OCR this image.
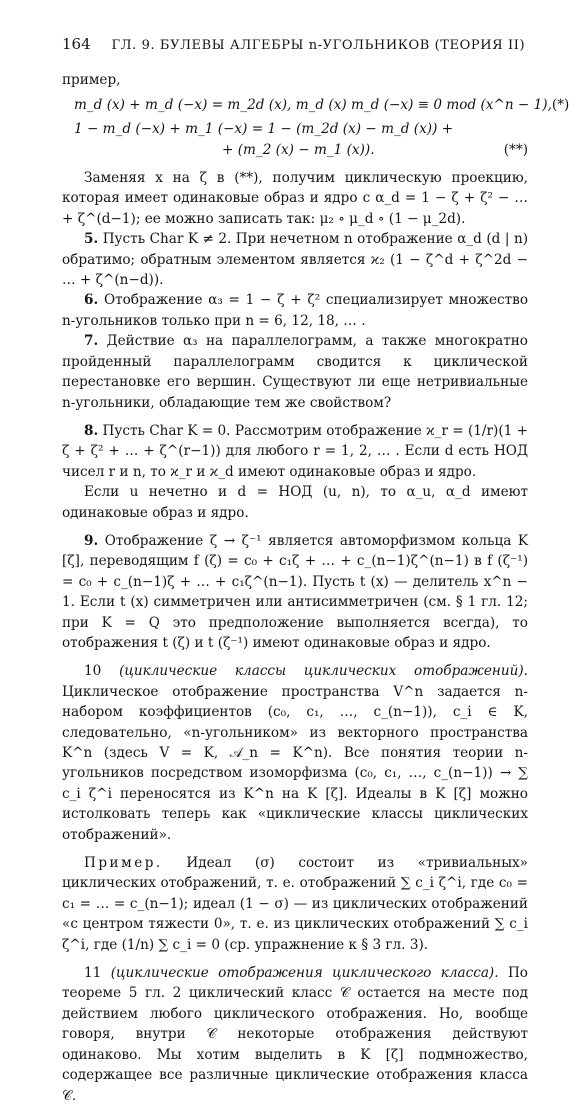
164 ГЛ. 9. БУЛЕВЫ АЛГЕБРЫ n-УГОЛЬНИКОВ (ТЕОРИЯ II)

пример,

m_d (x) + m_d (−x) = m_2d (x), m_d (x) m_d (−x) ≡ 0 mod (x^n − 1), (*)
1 − m_d (−x) + m_1 (−x) = 1 − (m_2d (x) − m_d (x)) +
+ (m_2 (x) − m_1 (x)).	(**)

Заменяя x на ζ в (**), получим циклическую проекцию, которая имеет одинаковые образ и ядро с α_d = 1 − ζ + ζ² − … + ζ^(d−1); ее можно записать так: μ₂ ∘ μ_d ∘ (1 − μ_2d).

5. Пусть Char K ≠ 2. При нечетном n отображение α_d (d | n) обратимо; обратным элементом является ϰ₂ (1 − ζ^d + ζ^2d − … + ζ^(n−d)).

6. Отображение α₃ = 1 − ζ + ζ² специализирует множество n-угольников только при n = 6, 12, 18, … .

7. Действие α₃ на параллелограмм, а также многократно пройденный параллелограмм сводится к циклической перестановке его вершин. Существуют ли еще нетривиальные n-угольники, обладающие тем же свойством?

8. Пусть Char K = 0. Рассмотрим отображение ϰ_r = (1/r)(1 + ζ + ζ² + … + ζ^(r−1)) для любого r = 1, 2, … . Если d есть НОД чисел r и n, то ϰ_r и ϰ_d имеют одинаковые образ и ядро.

Если u нечетно и d = НОД (u, n), то α_u, α_d имеют одинаковые образ и ядро.

9. Отображение ζ → ζ⁻¹ является автоморфизмом кольца K [ζ], переводящим f (ζ) = c₀ + c₁ζ + … + c_(n−1)ζ^(n−1) в f (ζ⁻¹) = c₀ + c_(n−1)ζ + … + c₁ζ^(n−1). Пусть t (x) — делитель x^n − 1. Если t (x) симметричен или антисимметричен (см. § 1 гл. 12; при K = Q это предположение выполняется всегда), то отображения t (ζ) и t (ζ⁻¹) имеют одинаковые образ и ядро.

10 (циклические классы циклических отображений). Циклическое отображение пространства V^n задается n-набором коэффициентов (c₀, c₁, …, c_(n−1)), c_i ∈ K, следовательно, «n-угольником» из векторного пространства K^n (здесь V = K, 𝒜_n = K^n). Все понятия теории n-угольников посредством изоморфизма (c₀, c₁, …, c_(n−1)) → ∑ c_i ζ^i переносятся из K^n на K [ζ]. Идеалы в K [ζ] можно истолковать теперь как «циклические классы циклических отображений».

Пример. Идеал (σ) состоит из «тривиальных» циклических отображений, т. е. отображений ∑ c_i ζ^i, где c₀ = c₁ = … = c_(n−1); идеал (1 − σ) — из циклических отображений «с центром тяжести 0», т. е. из циклических отображений ∑ c_i ζ^i, где (1/n) ∑ c_i = 0 (ср. упражнение к § 3 гл. 3).

11 (циклические отображения циклического класса). По теореме 5 гл. 2 циклический класс 𝒞 остается на месте под действием любого циклического отображения. Но, вообще говоря, внутри 𝒞 некоторые отображения действуют одинаково. Мы хотим выделить в K [ζ] подмножество, содержащее все различные циклические отображения класса 𝒞.
